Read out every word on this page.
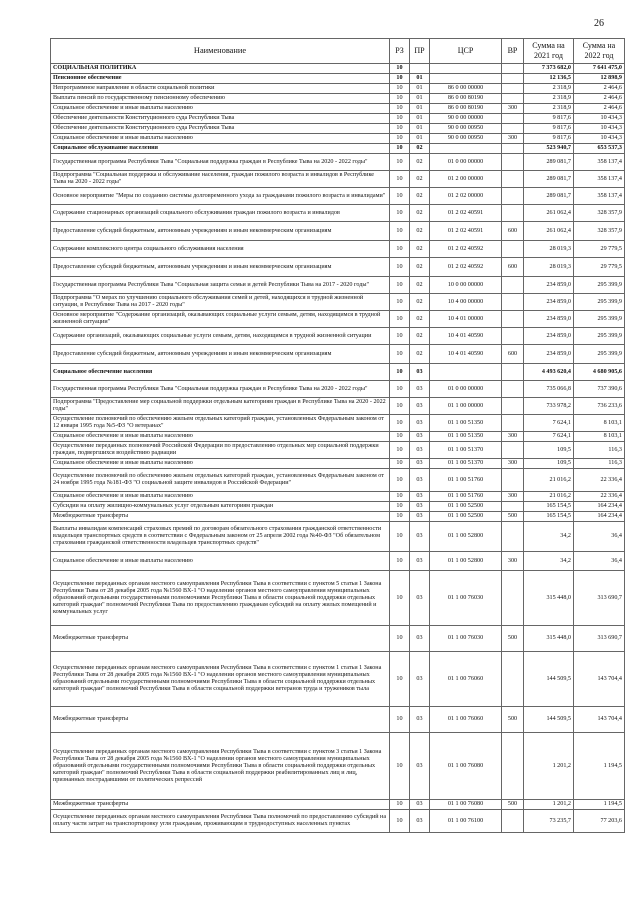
26
Наименование	РЗ	ПР	ЦСР	ВР	Сумма на 2021 год	Сумма на 2022 год
СОЦИАЛЬНАЯ ПОЛИТИКА	10				7 373 682,0	7 641 475,0
Пенсионное обеспечение	10	01			12 136,5	12 898,9
Непрограммное направление в области социальной политики	10	01	86 0 00 00000		2 318,9	2 464,6
Выплата пенсий по государственному пенсионному обеспечению	10	01	86 0 00 80190		2 318,9	2 464,6
Социальное обеспечение и иные выплаты населению	10	01	86 0 00 80190	300	2 318,9	2 464,6
Обеспечение деятельности Конституционного суда Республики Тыва	10	01	90 0 00 00000		9 817,6	10 434,3
Обеспечение деятельности Конституционного суда Республики Тыва	10	01	90 0 00 00950		9 817,6	10 434,3
Социальное обеспечение и иные выплаты населению	10	01	90 0 00 00950	300	9 817,6	10 434,3
Социальное обслуживание населения	10	02			523 940,7	653 537,3
Государственная программа Республики Тыва "Социальная поддержка граждан в Республике Тыва на 2020 - 2022 годы"	10	02	01 0 00 00000		289 081,7	358 137,4
Подпрограмма "Социальная поддержка и обслуживание населения, граждан пожилого возраста и инвалидов в Республике Тыва на 2020 - 2022 годы"	10	02	01 2 00 00000		289 081,7	358 137,4
Основное мероприятие "Меры по созданию системы долговременного ухода за гражданами пожилого возраста и инвалидами"	10	02	01 2 02 00000		289 081,7	358 137,4
Содержание стационарных организаций социального обслуживания граждан пожилого возраста и инвалидов	10	02	01 2 02 40591		261 062,4	328 357,9
Предоставление субсидий бюджетным, автономным учреждениям и иным некоммерческим организациям	10	02	01 2 02 40591	600	261 062,4	328 357,9
Содержание комплексного центра социального обслуживания населения	10	02	01 2 02 40592		28 019,3	29 779,5
Предоставление субсидий бюджетным, автономным учреждениям и иным некоммерческим организациям	10	02	01 2 02 40592	600	28 019,3	29 779,5
Государственная программа Республики Тыва "Социальная защита семьи и детей Республики Тыва на 2017 - 2020 годы"	10	02	10 0 00 00000		234 859,0	295 399,9
Подпрограмма "О мерах по улучшению социального обслуживания семей и детей, находящихся в трудной жизненной ситуации, в Республике Тыва на 2017 - 2020 годы"	10	02	10 4 00 00000		234 859,0	295 399,9
Основное мероприятие "Содержание организаций, оказывающих социальные услуги семьям, детям, находящимся в трудной жизненной ситуации"	10	02	10 4 01 00000		234 859,0	295 399,9
Содержание организаций, оказывающих социальные услуги семьям, детям, находящимся в трудной жизненной ситуации	10	02	10 4 01 40590		234 859,0	295 399,9
Предоставление субсидий бюджетным, автономным учреждениям и иным некоммерческим организациям	10	02	10 4 01 40590	600	234 859,0	295 399,9
Социальное обеспечение населения	10	03			4 493 620,4	4 680 905,6
Государственная программа Республики Тыва "Социальная поддержка граждан в Республике Тыва на 2020 - 2022 годы"	10	03	01 0 00 00000		735 066,8	737 390,6
Подпрограмма "Предоставление мер социальной поддержки отдельным категориям граждан в Республике Тыва на 2020 - 2022 годы"	10	03	01 1 00 00000		733 978,2	736 233,6
Осуществление полномочий по обеспечению жильем отдельных категорий граждан, установленных Федеральным законом от 12 января 1995 года №5-ФЗ "О ветеранах"	10	03	01 1 00 51350		7 624,1	8 103,1
Социальное обеспечение и иные выплаты населению	10	03	01 1 00 51350	300	7 624,1	8 103,1
Осуществление переданных полномочий Российской Федерации по предоставлению отдельных мер социальной поддержки граждан, подвергшихся воздействию радиации	10	03	01 1 00 51370		109,5	116,3
Социальное обеспечение и иные выплаты населению	10	03	01 1 00 51370	300	109,5	116,3
Осуществление полномочий по обеспечению жильем отдельных категорий граждан, установленных Федеральным законом от 24 ноября 1995 года №181-ФЗ "О социальной защите инвалидов в Российской Федерации"	10	03	01 1 00 51760		21 016,2	22 336,4
Социальное обеспечение и иные выплаты населению	10	03	01 1 00 51760	300	21 016,2	22 336,4
Субсидии на оплату жилищно-коммунальных услуг отдельным категориям граждан	10	03	01 1 00 52500		165 154,5	164 234,4
Межбюджетные трансферты	10	03	01 1 00 52500	500	165 154,5	164 234,4
Выплаты инвалидам компенсаций страховых премий по договорам обязательного страхования гражданской ответственности владельцев транспортных средств в соответствии с Федеральным законом от 25 апреля 2002 года №40-ФЗ "Об обязательном страховании гражданской ответственности владельцев транспортных средств"	10	03	01 1 00 52800		34,2	36,4
Социальное обеспечение и иные выплаты населению	10	03	01 1 00 52800	300	34,2	36,4
Осуществление переданных органам местного самоуправления Республики Тыва в соответствии с пунктом 5 статьи 1 Закона Республики Тыва от 28 декабря 2005 года №1560 ВХ-1 "О наделении органов местного самоуправления муниципальных образований отдельными государственными полномочиями Республики Тыва в области социальной поддержки отдельных категорий граждан" полномочий Республики Тыва по предоставлению гражданам субсидий на оплату жилых помещений и коммунальных услуг	10	03	01 1 00 76030		315 448,0	313 690,7
Межбюджетные трансферты	10	03	01 1 00 76030	500	315 448,0	313 690,7
Осуществление переданных органам местного самоуправления Республики Тыва в соответствии с пунктом 1 статьи 1 Закона Республики Тыва от 28 декабря 2005 года №1560 ВХ-1 "О наделении органов местного самоуправления муниципальных образований отдельными государственными полномочиями Республики Тыва в области социальной поддержки отдельных категорий граждан" полномочий Республики Тыва в области социальной поддержки ветеранов труда и тружеников тыла	10	03	01 1 00 76060		144 509,5	143 704,4
Межбюджетные трансферты	10	03	01 1 00 76060	500	144 509,5	143 704,4
Осуществление переданных органам местного самоуправления Республики Тыва в соответствии с пунктом 3 статьи 1 Закона Республики Тыва от 28 декабря 2005 года №1560 ВХ-1 "О наделении органов местного самоуправления муниципальных образований отдельными государственными полномочиями Республики Тыва в области социальной поддержки отдельных категорий граждан" полномочий Республики Тыва в области социальной поддержки реабилитированных лиц и лиц, признанных пострадавшими от политических репрессий	10	03	01 1 00 76080		1 201,2	1 194,5
Межбюджетные трансферты	10	03	01 1 00 76080	500	1 201,2	1 194,5
Осуществление переданных органам местного самоуправления Республики Тыва полномочий по предоставлению субсидий на оплату части затрат на транспортировку угля гражданам, проживающим в труднодоступных населенных пунктах	10	03	01 1 00 76100		73 235,7	77 203,6
